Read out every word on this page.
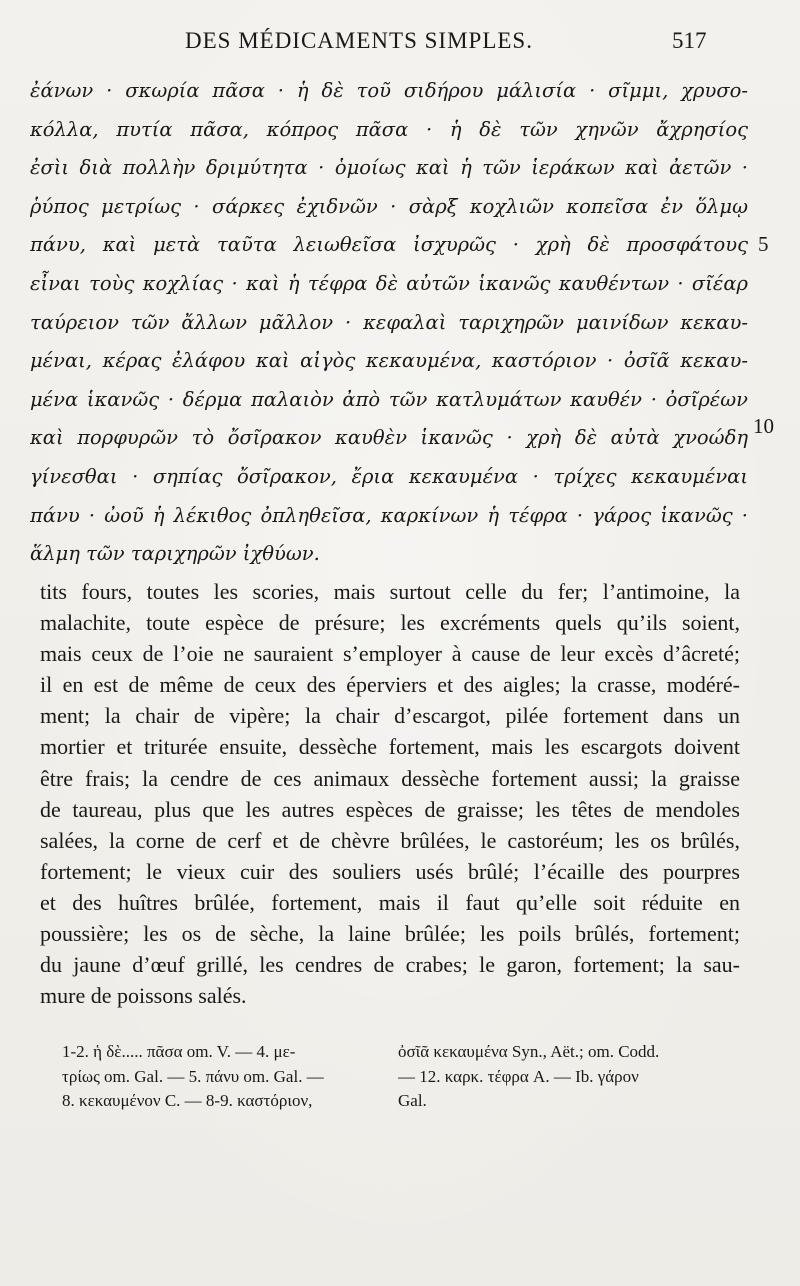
DES MÉDICAMENTS SIMPLES.	517
ἐάνων · σκωρία πᾶσα · ἡ δὲ τοῦ σιδήρου μάλισία · σῖμμι, χρυσο-
κόλλα, πυτία πᾶσα, κόπρος πᾶσα · ἡ δὲ τῶν χηνῶν ἄχρησίος
ἐσὶι διὰ πολλὴν δριμύτητα · ὁμοίως καὶ ἡ τῶν ἱεράκων καὶ ἀετῶν ·
ῥύπος μετρίως · σάρκες ἐχιδνῶν · σὰρξ κοχλιῶν κοπεῖσα ἐν ὅλμῳ
πάνυ, καὶ μετὰ ταῦτα λειωθεῖσα ἰσχυρῶς · χρὴ δὲ προσφάτους
εἶναι τοὺς κοχλίας · καὶ ἡ τέφρα δὲ αὐτῶν ἱκανῶς καυθέντων · σῖέαρ
ταύρειον τῶν ἄλλων μᾶλλον · κεφαλαὶ ταριχηρῶν μαινίδων κεκαυ-
μέναι, κέρας ἐλάφου καὶ αἰγὸς κεκαυμένα, καστόριον · ὀσῖᾶ κεκαυ-
μένα ἱκανῶς · δέρμα παλαιὸν ἀπὸ τῶν κατλυμάτων καυθέν · ὀσῖρέων
καὶ πορφυρῶν τὸ ὄσῖρακον καυθὲν ἱκανῶς · χρὴ δὲ αὐτὰ χνοώδη
γίνεσθαι · σηπίας ὄσῖρακον, ἔρια κεκαυμένα · τρίχες κεκαυμέναι
πάνυ · ὠοῦ ἡ λέκιθος ὀπληθεῖσα, καρκίνων ἡ τέφρα · γάρος ἱκανῶς ·
ἅλμη τῶν ταριχηρῶν ἰχθύων.
5
10
tits fours, toutes les scories, mais surtout celle du fer; l’antimoine, la
malachite, toute espèce de présure; les excréments quels qu’ils soient,
mais ceux de l’oie ne sauraient s’employer à cause de leur excès d’âcreté;
il en est de même de ceux des éperviers et des aigles; la crasse, modéré-
ment; la chair de vipère; la chair d’escargot, pilée fortement dans un
mortier et triturée ensuite, dessèche fortement, mais les escargots doivent
être frais; la cendre de ces animaux dessèche fortement aussi; la graisse
de taureau, plus que les autres espèces de graisse; les têtes de mendoles
salées, la corne de cerf et de chèvre brûlées, le castoréum; les os brûlés,
fortement; le vieux cuir des souliers usés brûlé; l’écaille des pourpres
et des huîtres brûlée, fortement, mais il faut qu’elle soit réduite en
poussière; les os de sèche, la laine brûlée; les poils brûlés, fortement;
du jaune d’œuf grillé, les cendres de crabes; le garon, fortement; la sau-
mure de poissons salés.
1-2. ἡ δὲ..... πᾶσα om. V. — 4. με-
τρίως om. Gal. — 5. πάνυ om. Gal. —
8. κεκαυμένον C. — 8-9. καστόριον,
ὀσῖᾶ κεκαυμένα Syn., Aët.; om. Codd.
— 12. καρκ. τέφρα A. — Ib. γάρον
Gal.
